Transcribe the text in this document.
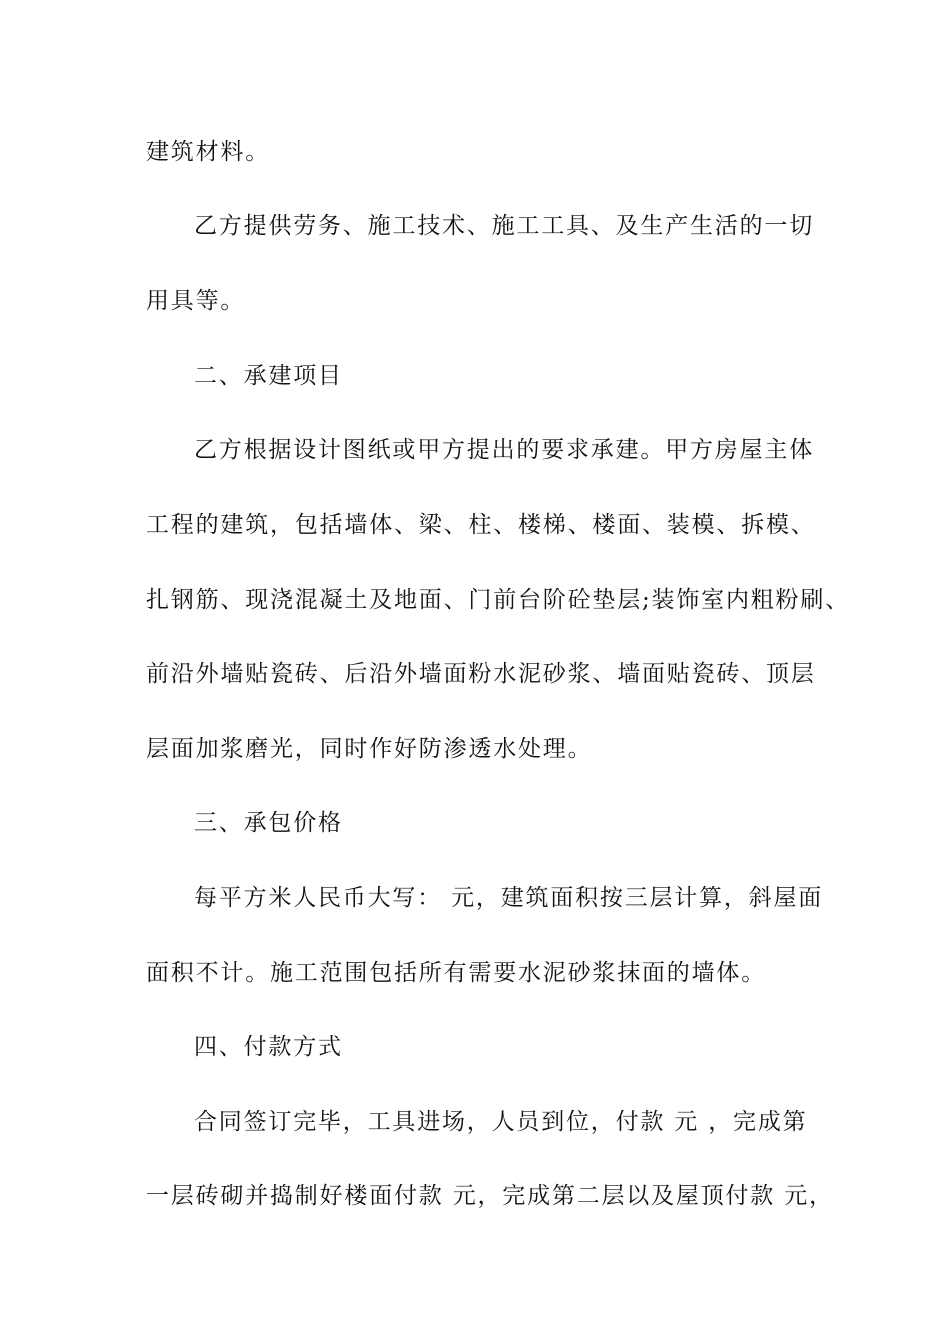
建筑材料。

乙方提供劳务、施工技术、施工工具、及生产生活的一切

用具等。

二、承建项目

乙方根据设计图纸或甲方提出的要求承建。甲方房屋主体

工程的建筑，包括墙体、梁、柱、楼梯、楼面、装模、拆模、

扎钢筋、现浇混凝土及地面、门前台阶砼垫层;装饰室内粗粉刷、

前沿外墙贴瓷砖、后沿外墙面粉水泥砂浆、墙面贴瓷砖、顶层

层面加浆磨光，同时作好防渗透水处理。

三、承包价格

每平方米人民币大写： 元，建筑面积按三层计算，斜屋面

面积不计。施工范围包括所有需要水泥砂浆抹面的墙体。

四、付款方式

合同签订完毕，工具进场，人员到位，付款 元 ，完成第

一层砖砌并捣制好楼面付款 元，完成第二层以及屋顶付款 元，
